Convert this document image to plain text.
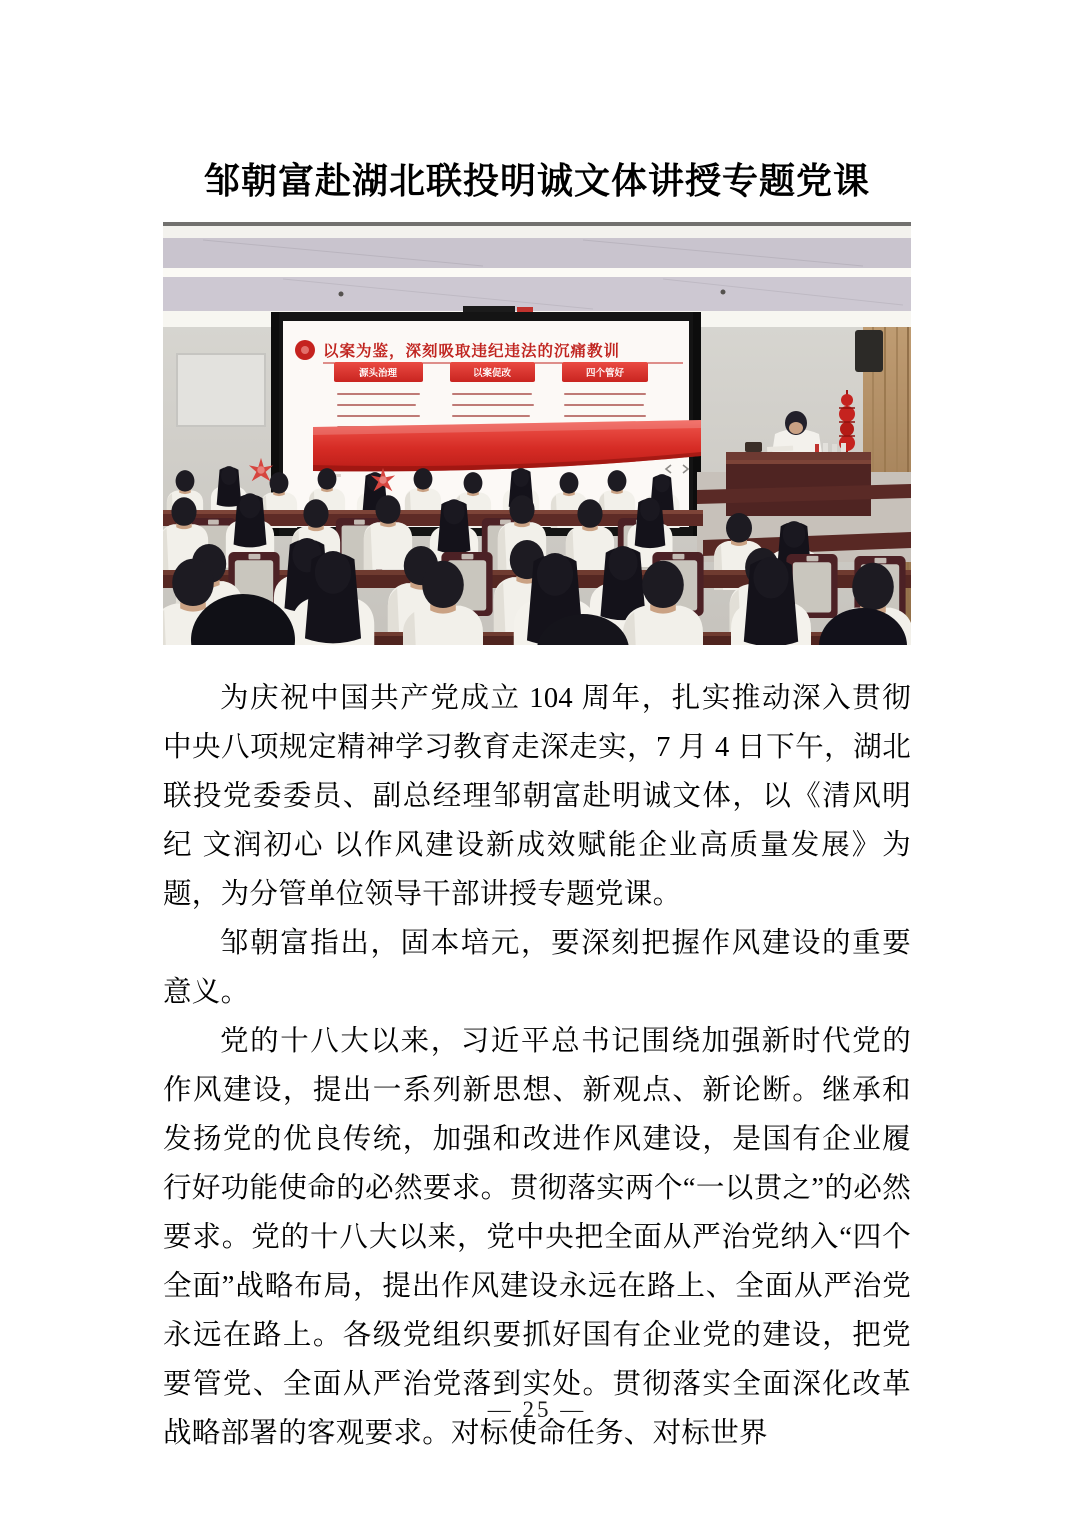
邹朝富赴湖北联投明诚文体讲授专题党课
以案为鉴，深刻吸取违纪违法的沉痛教训
源头治理	以案促改	四个管好

为庆祝中国共产党成立 104 周年，扎实推动深入贯彻中央八项规定精神学习教育走深走实，7 月 4 日下午，湖北联投党委委员、副总经理邹朝富赴明诚文体，以《清风明纪 文润初心 以作风建设新成效赋能企业高质量发展》为题，为分管单位领导干部讲授专题党课。

邹朝富指出，固本培元，要深刻把握作风建设的重要意义。

党的十八大以来，习近平总书记围绕加强新时代党的作风建设，提出一系列新思想、新观点、新论断。继承和发扬党的优良传统，加强和改进作风建设，是国有企业履行好功能使命的必然要求。贯彻落实两个“一以贯之”的必然要求。党的十八大以来，党中央把全面从严治党纳入“四个全面”战略布局，提出作风建设永远在路上、全面从严治党永远在路上。各级党组织要抓好国有企业党的建设，把党要管党、全面从严治党落到实处。贯彻落实全面深化改革战略部署的客观要求。对标使命任务、对标世界

— 25 —
